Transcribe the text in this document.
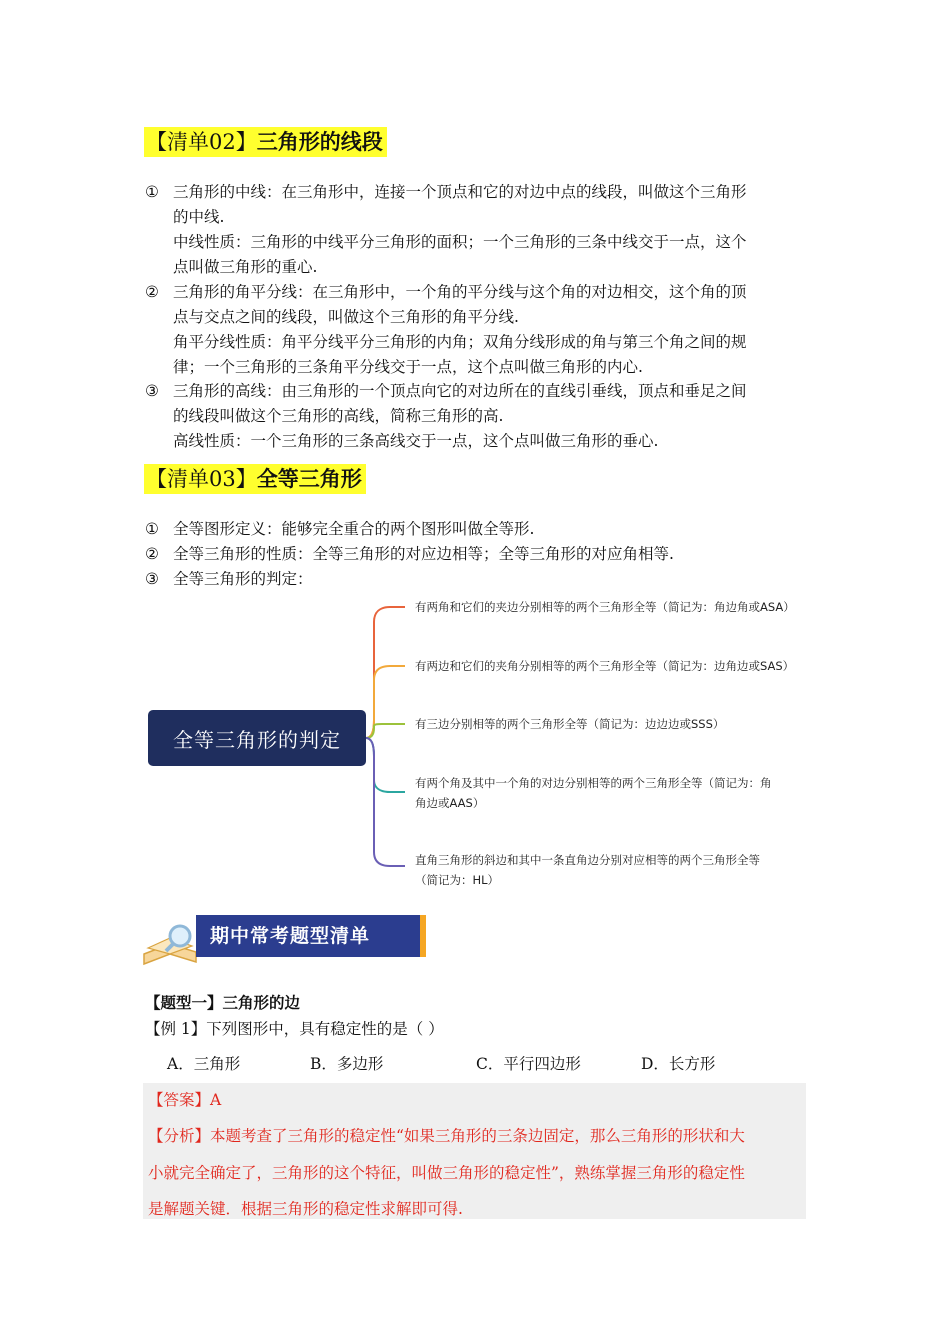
【清单02】三角形的线段
① 三角形的中线：在三角形中，连接一个顶点和它的对边中点的线段，叫做这个三角形
的中线.
中线性质：三角形的中线平分三角形的面积；一个三角形的三条中线交于一点，这个
点叫做三角形的重心.
② 三角形的角平分线：在三角形中，一个角的平分线与这个角的对边相交，这个角的顶
点与交点之间的线段，叫做这个三角形的角平分线.
角平分线性质：角平分线平分三角形的内角；双角分线形成的角与第三个角之间的规
律；一个三角形的三条角平分线交于一点，这个点叫做三角形的内心.
③ 三角形的高线：由三角形的一个顶点向它的对边所在的直线引垂线，顶点和垂足之间
的线段叫做这个三角形的高线，简称三角形的高.
高线性质：一个三角形的三条高线交于一点，这个点叫做三角形的垂心.
【清单03】全等三角形
① 全等图形定义：能够完全重合的两个图形叫做全等形.
② 全等三角形的性质：全等三角形的对应边相等；全等三角形的对应角相等.
③ 全等三角形的判定：
全等三角形的判定
有两角和它们的夹边分别相等的两个三角形全等（简记为：角边角或ASA）
有两边和它们的夹角分别相等的两个三角形全等（简记为：边角边或SAS）
有三边分别相等的两个三角形全等（简记为：边边边或SSS）
有两个角及其中一个角的对边分别相等的两个三角形全等（简记为：角
角边或AAS）
直角三角形的斜边和其中一条直角边分别对应相等的两个三角形全等
（简记为：HL）
期中常考题型清单
【题型一】三角形的边
【例 1】下列图形中，具有稳定性的是（ ）
A．三角形	B．多边形	C．平行四边形	D．长方形
【答案】A
【分析】本题考查了三角形的稳定性“如果三角形的三条边固定，那么三角形的形状和大
小就完全确定了，三角形的这个特征，叫做三角形的稳定性”，熟练掌握三角形的稳定性
是解题关键．根据三角形的稳定性求解即可得.
